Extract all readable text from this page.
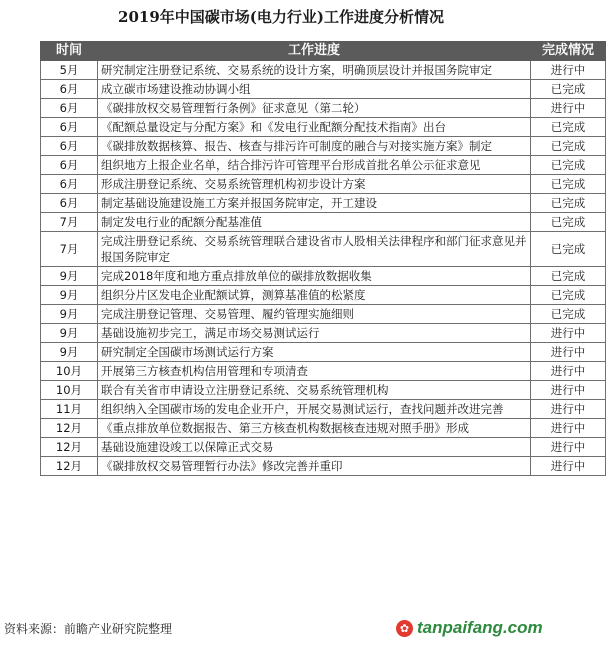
2019年中国碳市场(电力行业)工作进度分析情况
时间	工作进度	完成情况
5月	研究制定注册登记系统、交易系统的设计方案，明确顶层设计并报国务院审定	进行中
6月	成立碳市场建设推动协调小组	已完成
6月	《碳排放权交易管理暂行条例》征求意见（第二轮）	进行中
6月	《配额总量设定与分配方案》和《发电行业配额分配技术指南》出台	已完成
6月	《碳排放数据核算、报告、核查与排污许可制度的融合与对接实施方案》制定	已完成
6月	组织地方上报企业名单，结合排污许可管理平台形成首批名单公示征求意见	已完成
6月	形成注册登记系统、交易系统管理机构初步设计方案	已完成
6月	制定基础设施建设施工方案并报国务院审定，开工建设	已完成
7月	制定发电行业的配额分配基准值	已完成
7月	完成注册登记系统、交易系统管理联合建设省市人股相关法律程序和部门征求意见并报国务院审定	已完成
9月	完成2018年度和地方重点排放单位的碳排放数据收集	已完成
9月	组织分片区发电企业配额试算，测算基准值的松紧度	已完成
9月	完成注册登记管理、交易管理、履约管理实施细则	已完成
9月	基础设施初步完工，满足市场交易测试运行	进行中
9月	研究制定全国碳市场测试运行方案	进行中
10月	开展第三方核查机构信用管理和专项清查	进行中
10月	联合有关省市申请设立注册登记系统、交易系统管理机构	进行中
11月	组织纳入全国碳市场的发电企业开户，开展交易测试运行，查找问题并改进完善	进行中
12月	《重点排放单位数据报告、第三方核查机构数据核查违规对照手册》形成	进行中
12月	基础设施建设竣工以保障正式交易	进行中
12月	《碳排放权交易管理暂行办法》修改完善并重印	进行中
资料来源：前瞻产业研究院整理	✿ tanpaifang.com
